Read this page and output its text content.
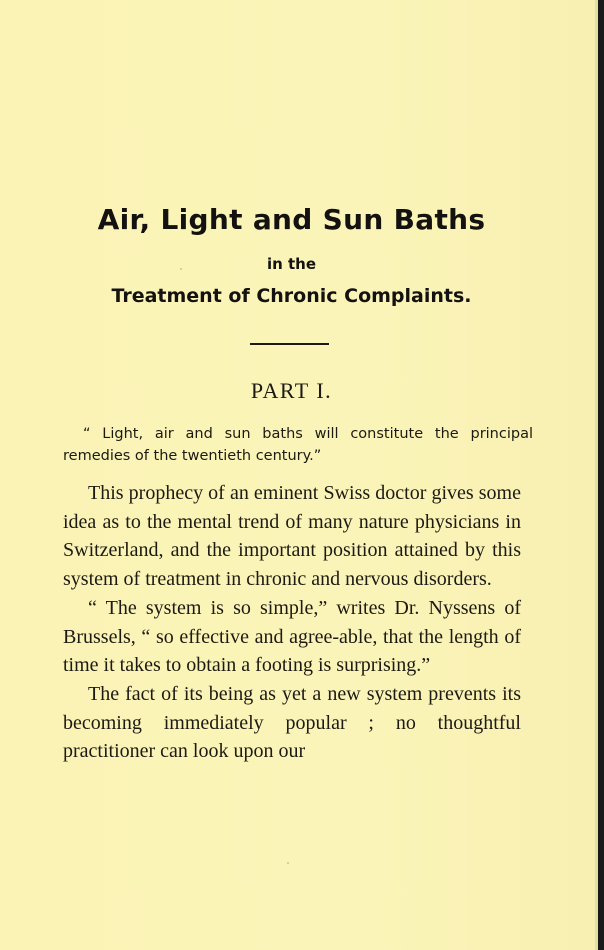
Air, Light and Sun Baths
in the
Treatment of Chronic Complaints.
PART I.
“ Light, air and sun baths will constitute the principal remedies of the twentieth century.”

This prophecy of an eminent Swiss doctor gives some idea as to the mental trend of many nature physicians in Switzerland, and the important position attained by this system of treatment in chronic and nervous disorders.

“ The system is so simple,” writes Dr. Nyssens of Brussels, “ so effective and agree-able, that the length of time it takes to obtain a footing is surprising.”

The fact of its being as yet a new system prevents its becoming immediately popular ; no thoughtful practitioner can look upon our
